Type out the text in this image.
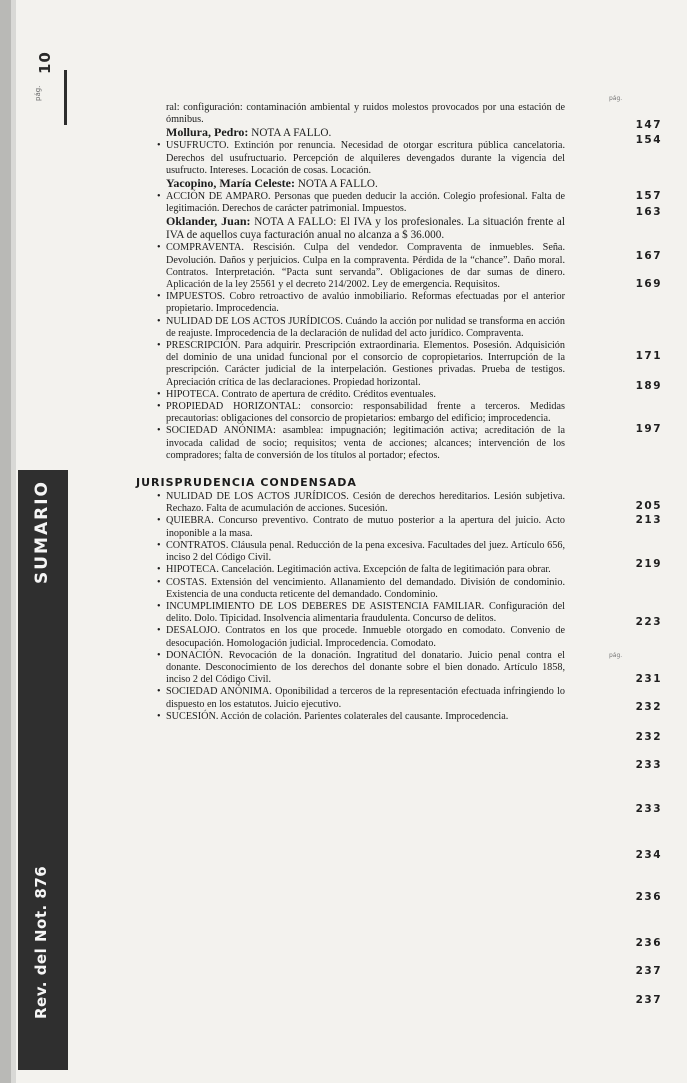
10
pág.
SUMARIO
Rev. del Not. 876
pág.
pág.
ral: configuración: contaminación ambiental y ruidos molestos provocados por una estación de ómnibus.
Mollura, Pedro: NOTA A FALLO.
• USUFRUCTO. Extinción por renuncia. Necesidad de otorgar escritura pública cancelatoria. Derechos del usufructuario. Percepción de alquileres devengados durante la vigencia del usufructo. Intereses. Locación de cosas. Locación.
Yacopino, María Celeste: NOTA A FALLO.
• ACCIÓN DE AMPARO. Personas que pueden deducir la acción. Colegio profesional. Falta de legitimación. Derechos de carácter patrimonial. Impuestos.
Oklander, Juan: NOTA A FALLO: El IVA y los profesionales. La situación frente al IVA de aquellos cuya facturación anual no alcanza a $ 36.000.
• COMPRAVENTA. Rescisión. Culpa del vendedor. Compraventa de inmuebles. Seña. Devolución. Daños y perjuicios. Culpa en la compraventa. Pérdida de la “chance”. Daño moral. Contratos. Interpretación. “Pacta sunt servanda”. Obligaciones de dar sumas de dinero. Aplicación de la ley 25561 y el decreto 214/2002. Ley de emergencia. Requisitos.
• IMPUESTOS. Cobro retroactivo de avalúo inmobiliario. Reformas efectuadas por el anterior propietario. Improcedencia.
• NULIDAD DE LOS ACTOS JURÍDICOS. Cuándo la acción por nulidad se transforma en acción de reajuste. Improcedencia de la declaración de nulidad del acto jurídico. Compraventa.
• PRESCRIPCIÓN. Para adquirir. Prescripción extraordinaria. Elementos. Posesión. Adquisición del dominio de una unidad funcional por el consorcio de copropietarios. Interrupción de la prescripción. Carácter judicial de la interpelación. Gestiones privadas. Prueba de testigos. Apreciación crítica de las declaraciones. Propiedad horizontal.
• HIPOTECA. Contrato de apertura de crédito. Créditos eventuales.
• PROPIEDAD HORIZONTAL: consorcio: responsabilidad frente a terceros. Medidas precautorias: obligaciones del consorcio de propietarios: embargo del edificio; improcedencia.
• SOCIEDAD ANÓNIMA: asamblea: impugnación; legitimación activa; acreditación de la invocada calidad de socio; requisitos; venta de acciones; alcances; intervención de los compradores; falta de conversión de los títulos al portador; efectos.
JURISPRUDENCIA CONDENSADA
• NULIDAD DE LOS ACTOS JURÍDICOS. Cesión de derechos hereditarios. Lesión subjetiva. Rechazo. Falta de acumulación de acciones. Sucesión.
• QUIEBRA. Concurso preventivo. Contrato de mutuo posterior a la apertura del juicio. Acto inoponible a la masa.
• CONTRATOS. Cláusula penal. Reducción de la pena excesiva. Facultades del juez. Artículo 656, inciso 2 del Código Civil.
• HIPOTECA. Cancelación. Legitimación activa. Excepción de falta de legitimación para obrar.
• COSTAS. Extensión del vencimiento. Allanamiento del demandado. División de condominio. Existencia de una conducta reticente del demandado. Condominio.
• INCUMPLIMIENTO DE LOS DEBERES DE ASISTENCIA FAMILIAR. Configuración del delito. Dolo. Tipicidad. Insolvencia alimentaria fraudulenta. Concurso de delitos.
• DESALOJO. Contratos en los que procede. Inmueble otorgado en comodato. Convenio de desocupación. Homologación judicial. Improcedencia. Comodato.
• DONACIÓN. Revocación de la donación. Ingratitud del donatario. Juicio penal contra el donante. Desconocimiento de los derechos del donante sobre el bien donado. Artículo 1858, inciso 2 del Código Civil.
• SOCIEDAD ANÓNIMA. Oponibilidad a terceros de la representación efectuada infringiendo lo dispuesto en los estatutos. Juicio ejecutivo.
• SUCESIÓN. Acción de colación. Parientes colaterales del causante. Improcedencia.
147
154
157
163
167
169
171
189
197
205
213
219
223
231
232
232
233
233
234
236
236
237
237
